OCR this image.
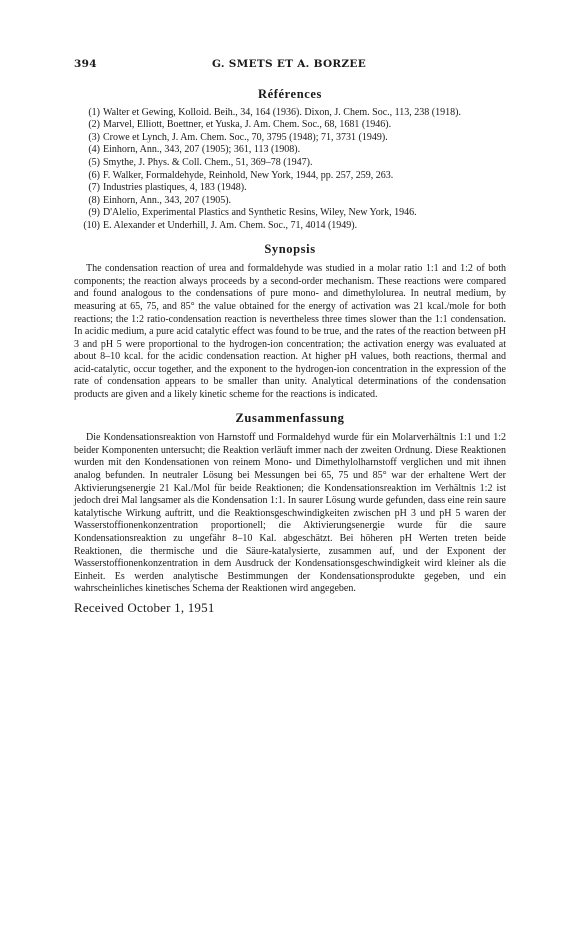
394	G. SMETS ET A. BORZEE
Références
(1) Walter et Gewing, Kolloid. Beih., 34, 164 (1936). Dixon, J. Chem. Soc., 113, 238 (1918).
(2) Marvel, Elliott, Boettner, et Yuska, J. Am. Chem. Soc., 68, 1681 (1946).
(3) Crowe et Lynch, J. Am. Chem. Soc., 70, 3795 (1948); 71, 3731 (1949).
(4) Einhorn, Ann., 343, 207 (1905); 361, 113 (1908).
(5) Smythe, J. Phys. & Coll. Chem., 51, 369–78 (1947).
(6) F. Walker, Formaldehyde, Reinhold, New York, 1944, pp. 257, 259, 263.
(7) Industries plastiques, 4, 183 (1948).
(8) Einhorn, Ann., 343, 207 (1905).
(9) D'Alelio, Experimental Plastics and Synthetic Resins, Wiley, New York, 1946.
(10) E. Alexander et Underhill, J. Am. Chem. Soc., 71, 4014 (1949).
Synopsis

The condensation reaction of urea and formaldehyde was studied in a molar ratio 1:1 and 1:2 of both components; the reaction always proceeds by a second-order mechanism. These reactions were compared and found analogous to the condensations of pure mono- and dimethylolurea. In neutral medium, by measuring at 65, 75, and 85° the value obtained for the energy of activation was 21 kcal./mole for both reactions; the 1:2 ratio-condensation reaction is nevertheless three times slower than the 1:1 condensation. In acidic medium, a pure acid catalytic effect was found to be true, and the rates of the reaction between pH 3 and pH 5 were proportional to the hydrogen-ion concentration; the activation energy was evaluated at about 8–10 kcal. for the acidic condensation reaction. At higher pH values, both reactions, thermal and acid-catalytic, occur together, and the exponent to the hydrogen-ion concentration in the expression of the rate of condensation appears to be smaller than unity. Analytical determinations of the condensation products are given and a likely kinetic scheme for the reactions is indicated.

Zusammenfassung

Die Kondensationsreaktion von Harnstoff und Formaldehyd wurde für ein Molarverhältnis 1:1 und 1:2 beider Komponenten untersucht; die Reaktion verläuft immer nach der zweiten Ordnung. Diese Reaktionen wurden mit den Kondensationen von reinem Mono- und Dimethylolharnstoff verglichen und mit ihnen analog befunden. In neutraler Lösung bei Messungen bei 65, 75 und 85° war der erhaltene Wert der Aktivierungsenergie 21 Kal./Mol für beide Reaktionen; die Kondensationsreaktion im Verhältnis 1:2 ist jedoch drei Mal langsamer als die Kondensation 1:1. In saurer Lösung wurde gefunden, dass eine rein saure katalytische Wirkung auftritt, und die Reaktionsgeschwindigkeiten zwischen pH 3 und pH 5 waren der Wasserstoffionenkonzentration proportionell; die Aktivierungsenergie wurde für die saure Kondensationsreaktion zu ungefähr 8–10 Kal. abgeschätzt. Bei höheren pH Werten treten beide Reaktionen, die thermische und die Säure-katalysierte, zusammen auf, und der Exponent der Wasserstoffionenkonzentration in dem Ausdruck der Kondensationsgeschwindigkeit wird kleiner als die Einheit. Es werden analytische Bestimmungen der Kondensationsprodukte gegeben, und ein wahrscheinliches kinetisches Schema der Reaktionen wird angegeben.

Received October 1, 1951
